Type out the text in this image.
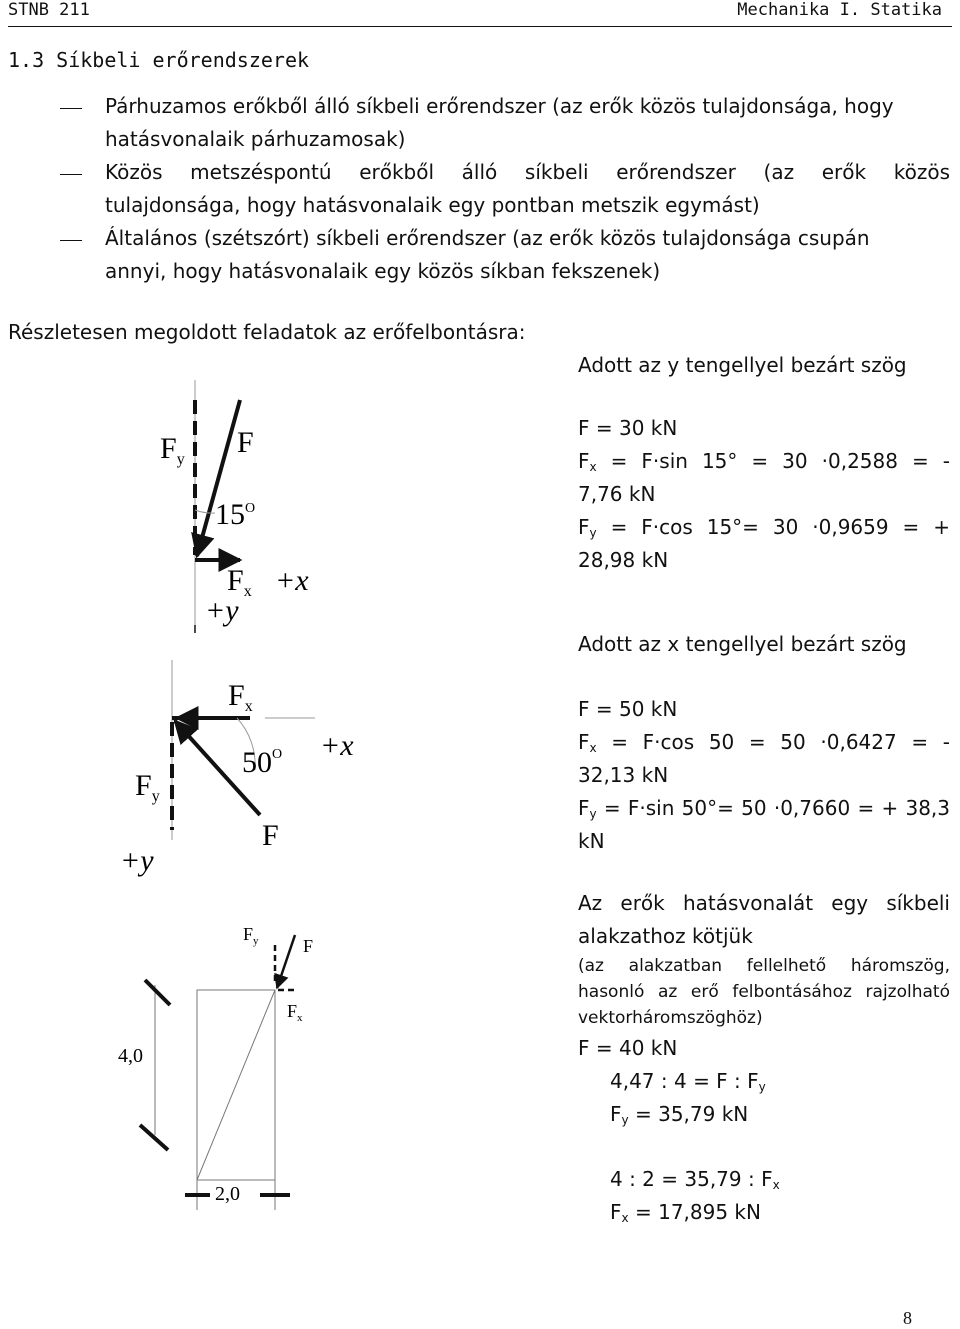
STNB 211	Mechanika I. Statika
1.3 Síkbeli erőrendszerek
Párhuzamos erőkből álló síkbeli erőrendszer (az erők közös tulajdonsága, hogy
hatásvonalaik párhuzamosak)
Közös metszéspontú erőkből álló síkbeli erőrendszer (az erők közös
tulajdonsága, hogy hatásvonalaik egy pontban metszik egymást)
Általános (szétszórt) síkbeli erőrendszer (az erők közös tulajdonsága csupán
annyi, hogy hatásvonalaik egy közös síkban fekszenek)
Részletesen megoldott feladatok az erőfelbontásra:
Adott az y tengellyel bezárt szög
F = 30 kN
$F_x = F\cdot\sin$ 15° = 30 ·0,2588 = -
7,76 kN
$F_y = F\cdot\cos$ 15°= 30 ·0,9659 = +
28,98 kN
Adott az x tengellyel bezárt szög
F = 50 kN
$F_x = F\cdot\cos$ 50 = 50 ·0,6427 = -
32,13 kN
$F_y = F\cdot\sin$ 50°= 50 ·0,7660 = + 38,3
kN
Az erők hatásvonalát egy síkbeli
alakzathoz kötjük
(az alakzatban fellelhető háromszög,
hasonló az erő felbontásához rajzolható
vektorháromszöghöz)
F = 40 kN
4,47 : 4 = F : $F_y$
$F_y = 35,79$ kN
4 : 2 = 35,79 : $F_x$
$F_x = 17,895$ kN
8
$F_y$
F
$15^O$
$F_x +x$
+y
$F_x$
$50^O +x$
$F_y$
F
+y
$F_y$ F
$F_x$
4,0
2,0
